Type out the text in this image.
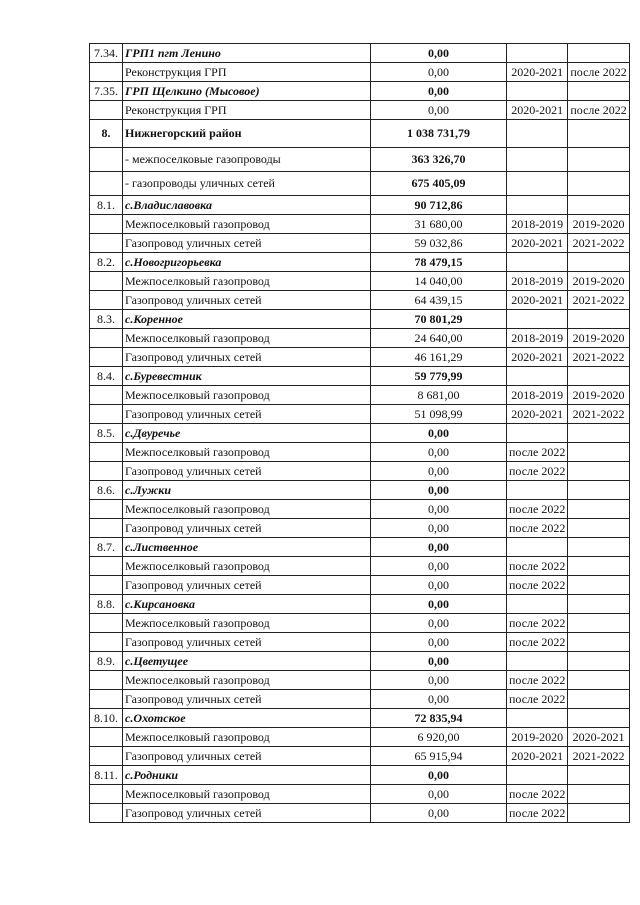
7.34.	ГРП1 пгт Ленино	0,00		
	Реконструкция ГРП	0,00	2020-2021	после 2022
7.35.	ГРП Щелкино (Мысовое)	0,00		
	Реконструкция ГРП	0,00	2020-2021	после 2022
8.	Нижнегорский район	1 038 731,79		
	- межпоселковые газопроводы	363 326,70		
	- газопроводы уличных сетей	675 405,09		
8.1.	с.Владиславовка	90 712,86		
	Межпоселковый газопровод	31 680,00	2018-2019	2019-2020
	Газопровод уличных сетей	59 032,86	2020-2021	2021-2022
8.2.	с.Новогригорьевка	78 479,15		
	Межпоселковый газопровод	14 040,00	2018-2019	2019-2020
	Газопровод уличных сетей	64 439,15	2020-2021	2021-2022
8.3.	с.Коренное	70 801,29		
	Межпоселковый газопровод	24 640,00	2018-2019	2019-2020
	Газопровод уличных сетей	46 161,29	2020-2021	2021-2022
8.4.	с.Буревестник	59 779,99		
	Межпоселковый газопровод	8 681,00	2018-2019	2019-2020
	Газопровод уличных сетей	51 098,99	2020-2021	2021-2022
8.5.	с.Двуречье	0,00		
	Межпоселковый газопровод	0,00	после 2022	
	Газопровод уличных сетей	0,00	после 2022	
8.6.	с.Лужки	0,00		
	Межпоселковый газопровод	0,00	после 2022	
	Газопровод уличных сетей	0,00	после 2022	
8.7.	с.Лиственное	0,00		
	Межпоселковый газопровод	0,00	после 2022	
	Газопровод уличных сетей	0,00	после 2022	
8.8.	с.Кирсановка	0,00		
	Межпоселковый газопровод	0,00	после 2022	
	Газопровод уличных сетей	0,00	после 2022	
8.9.	с.Цветущее	0,00		
	Межпоселковый газопровод	0,00	после 2022	
	Газопровод уличных сетей	0,00	после 2022	
8.10.	с.Охотское	72 835,94		
	Межпоселковый газопровод	6 920,00	2019-2020	2020-2021
	Газопровод уличных сетей	65 915,94	2020-2021	2021-2022
8.11.	с.Родники	0,00		
	Межпоселковый газопровод	0,00	после 2022	
	Газопровод уличных сетей	0,00	после 2022	
